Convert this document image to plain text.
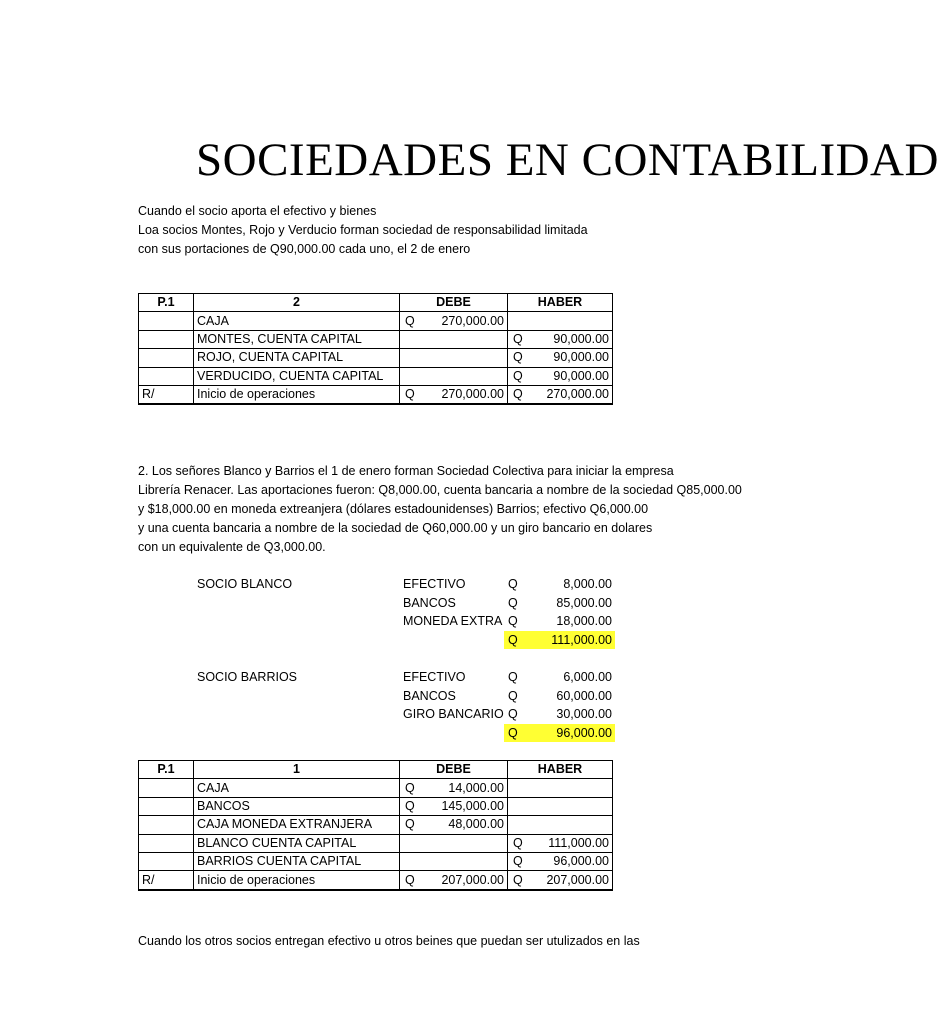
SOCIEDADES EN CONTABILIDAD
Cuando el socio aporta el efectivo y bienes
Loa socios Montes, Rojo y Verducio forman sociedad de responsabilidad limitada
con sus portaciones de Q90,000.00 cada uno, el 2 de enero
P.1	2	DEBE	HABER
	CAJA	Q 270,000.00	

	MONTES, CUENTA CAPITAL		Q 90,000.00

	ROJO, CUENTA CAPITAL		Q 90,000.00

	VERDUCIDO, CUENTA CAPITAL		Q 90,000.00

R/	Inicio de operaciones	Q 270,000.00	Q 270,000.00
2. Los señores Blanco y Barrios el 1 de enero forman Sociedad Colectiva para iniciar la empresa
Librería Renacer. Las aportaciones fueron: Q8,000.00, cuenta bancaria a nombre de la sociedad Q85,000.00
y $18,000.00 en moneda extreanjera (dólares estadounidenses) Barrios; efectivo Q6,000.00
y una cuenta bancaria a nombre de la sociedad de Q60,000.00 y un giro bancario en dolares
con un equivalente de Q3,000.00.
SOCIO BLANCO	EFECTIVO	Q	8,000.00
BANCOS	Q	85,000.00
MONEDA EXTRA Q	18,000.00
Q	111,000.00
SOCIO BARRIOS	EFECTIVO	Q	6,000.00
BANCOS	Q	60,000.00
GIRO BANCARIO Q	30,000.00
Q	96,000.00
P.1	1	DEBE	HABER
	CAJA	Q 14,000.00	

	BANCOS	Q 145,000.00	

	CAJA MONEDA EXTRANJERA	Q 48,000.00	

	BLANCO CUENTA CAPITAL		Q 111,000.00

	BARRIOS CUENTA CAPITAL		Q 96,000.00

R/	Inicio de operaciones	Q 207,000.00	Q 207,000.00
Cuando los otros socios entregan efectivo u otros beines que puedan ser utulizados en las
